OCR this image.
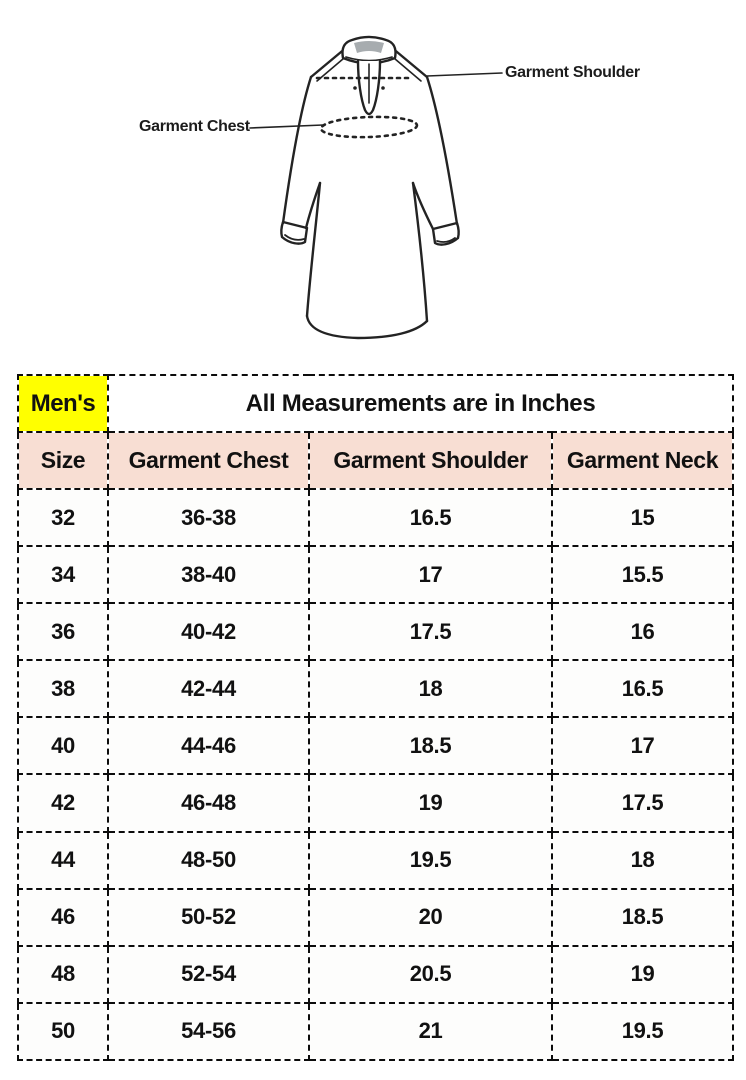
Garment Chest
Garment Shoulder
Men's	All Measurements are in Inches		
Size	Garment Chest	Garment Shoulder	Garment Neck
32	36-38	16.5	15
34	38-40	17	15.5
36	40-42	17.5	16
38	42-44	18	16.5
40	44-46	18.5	17
42	46-48	19	17.5
44	48-50	19.5	18
46	50-52	20	18.5
48	52-54	20.5	19
50	54-56	21	19.5
